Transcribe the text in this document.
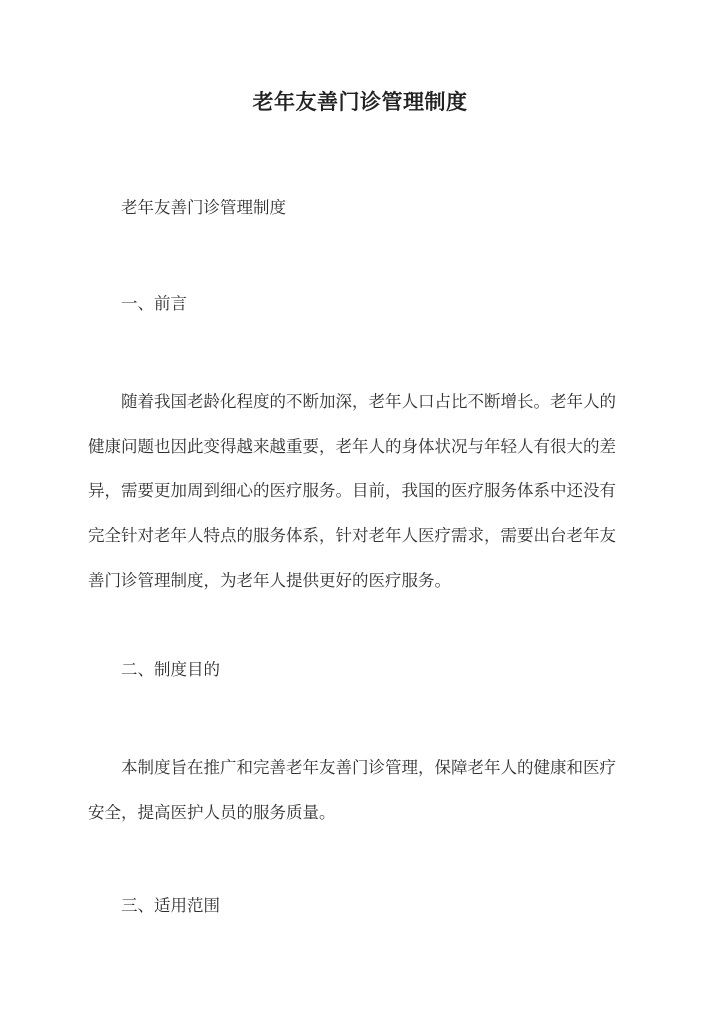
老年友善门诊管理制度
老年友善门诊管理制度
一、前言
随着我国老龄化程度的不断加深，老年人口占比不断增长。老年人的
健康问题也因此变得越来越重要，老年人的身体状况与年轻人有很大的差
异，需要更加周到细心的医疗服务。目前，我国的医疗服务体系中还没有
完全针对老年人特点的服务体系，针对老年人医疗需求，需要出台老年友
善门诊管理制度，为老年人提供更好的医疗服务。
二、制度目的
本制度旨在推广和完善老年友善门诊管理，保障老年人的健康和医疗
安全，提高医护人员的服务质量。
三、适用范围
